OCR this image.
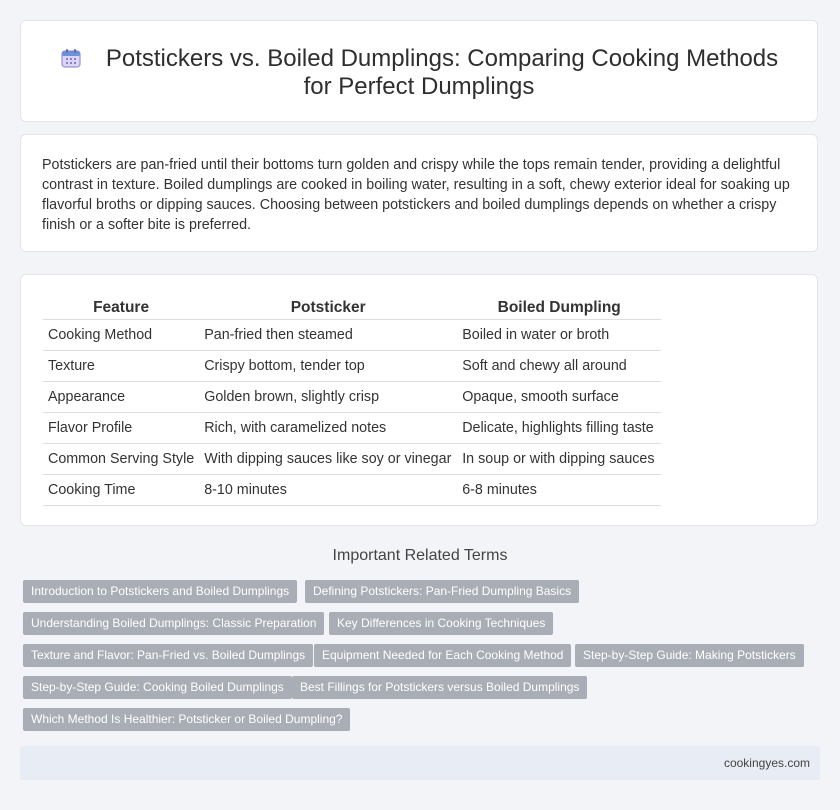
Potstickers vs. Boiled Dumplings: Comparing Cooking Methods
for Perfect Dumplings

Potstickers are pan-fried until their bottoms turn golden and crispy while the tops remain tender, providing a delightful contrast in texture. Boiled dumplings are cooked in boiling water, resulting in a soft, chewy exterior ideal for soaking up flavorful broths or dipping sauces. Choosing between potstickers and boiled dumplings depends on whether a crispy finish or a softer bite is preferred.

Feature	Potsticker	Boiled Dumpling
Cooking Method	Pan-fried then steamed	Boiled in water or broth
Texture	Crispy bottom, tender top	Soft and chewy all around
Appearance	Golden brown, slightly crisp	Opaque, smooth surface
Flavor Profile	Rich, with caramelized notes	Delicate, highlights filling taste
Common Serving Style	With dipping sauces like soy or vinegar	In soup or with dipping sauces
Cooking Time	8-10 minutes	6-8 minutes
Important Related Terms
Introduction to Potstickers and Boiled Dumplings	Defining Potstickers: Pan-Fried Dumpling Basics
Understanding Boiled Dumplings: Classic Preparation	Key Differences in Cooking Techniques
Texture and Flavor: Pan-Fried vs. Boiled Dumplings	Equipment Needed for Each Cooking Method	Step-by-Step Guide: Making Potstickers
Step-by-Step Guide: Cooking Boiled Dumplings	Best Fillings for Potstickers versus Boiled Dumplings
Which Method Is Healthier: Potsticker or Boiled Dumpling?
cookingyes.com
